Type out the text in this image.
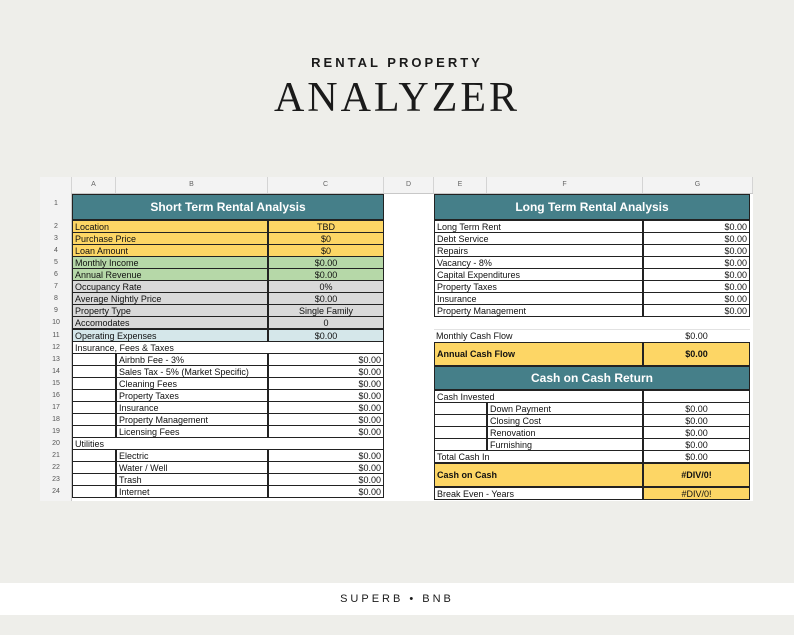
RENTAL PROPERTY
ANALYZER
A	B	C	D	E	F	G
1
2
3
4
5
6
7
8
9
10
11
12
13
14
15
16
17
18
19
20
21
22
23
24
Short Term Rental Analysis
Location	TBD
Purchase Price	$0
Loan Amount	$0
Monthly Income	$0.00
Annual Revenue	$0.00
Occupancy Rate	0%
Average Nightly Price	$0.00
Property Type	Single Family
Accomodates	0
Operating Expenses	$0.00
Insurance, Fees & Taxes
Airbnb Fee - 3%	$0.00
Sales Tax - 5% (Market Specific)	$0.00
Cleaning Fees	$0.00
Property Taxes	$0.00
Insurance	$0.00
Property Management	$0.00
Licensing Fees	$0.00
Utilities
Electric	$0.00
Water / Well	$0.00
Trash	$0.00
Internet	$0.00
Long Term Rental Analysis
Long Term Rent	$0.00
Debt Service	$0.00
Repairs	$0.00
Vacancy - 8%	$0.00
Capital Expenditures	$0.00
Property Taxes	$0.00
Insurance	$0.00
Property Management	$0.00
Monthly Cash Flow	$0.00
Annual Cash Flow	$0.00
Cash on Cash Return
Cash Invested
Down Payment	$0.00
Closing Cost	$0.00
Renovation	$0.00
Furnishing	$0.00
Total Cash In	$0.00
Cash on Cash	#DIV/0!
Break Even - Years	#DIV/0!
SUPERB • BNB
